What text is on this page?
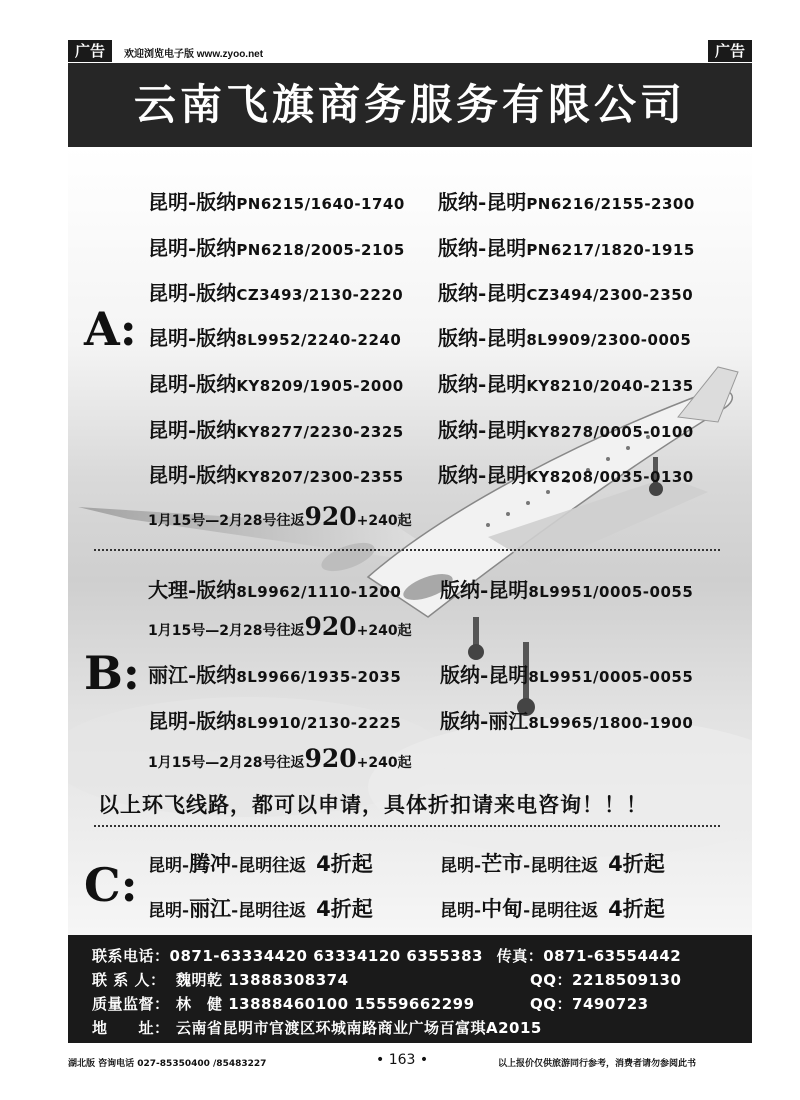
广告	欢迎浏览电子版 www.zyoo.net	广告
云南飞旗商务服务有限公司
A:
昆明-版纳PN6215/1640-1740 版纳-昆明PN6216/2155-2300
昆明-版纳PN6218/2005-2105 版纳-昆明PN6217/1820-1915
昆明-版纳CZ3493/2130-2220 版纳-昆明CZ3494/2300-2350
昆明-版纳8L9952/2240-2240 版纳-昆明8L9909/2300-0005
昆明-版纳KY8209/1905-2000 版纳-昆明KY8210/2040-2135
昆明-版纳KY8277/2230-2325 版纳-昆明KY8278/0005-0100
昆明-版纳KY8207/2300-2355 版纳-昆明KY8208/0035-0130
1月15号—2月28号往返920+240起
大理-版纳8L9962/1110-1200 版纳-昆明8L9951/0005-0055
1月15号—2月28号往返920+240起
B: 丽江-版纳8L9966/1935-2035 版纳-昆明8L9951/0005-0055
昆明-版纳8L9910/2130-2225 版纳-丽江8L9965/1800-1900
1月15号—2月28号往返920+240起
以上环飞线路，都可以申请，具体折扣请来电咨询！！！
C: 昆明-腾冲-昆明往返 4折起	昆明-芒市-昆明往返 4折起
昆明-丽江-昆明往返 4折起	昆明-中甸-昆明往返 4折起
联系电话：0871-63334420 63334120 6355383 传真：0871-63554442
联 系 人： 魏明乾 13888308374	QQ：2218509130
质量监督： 林　健 13888460100 15559662299	QQ：7490723
地　　址： 云南省昆明市官渡区环城南路商业广场百富琪A2015
湖北版 咨询电话 027-85350400 /85483227	• 163 •	以上报价仅供旅游同行参考，消费者请勿参阅此书
